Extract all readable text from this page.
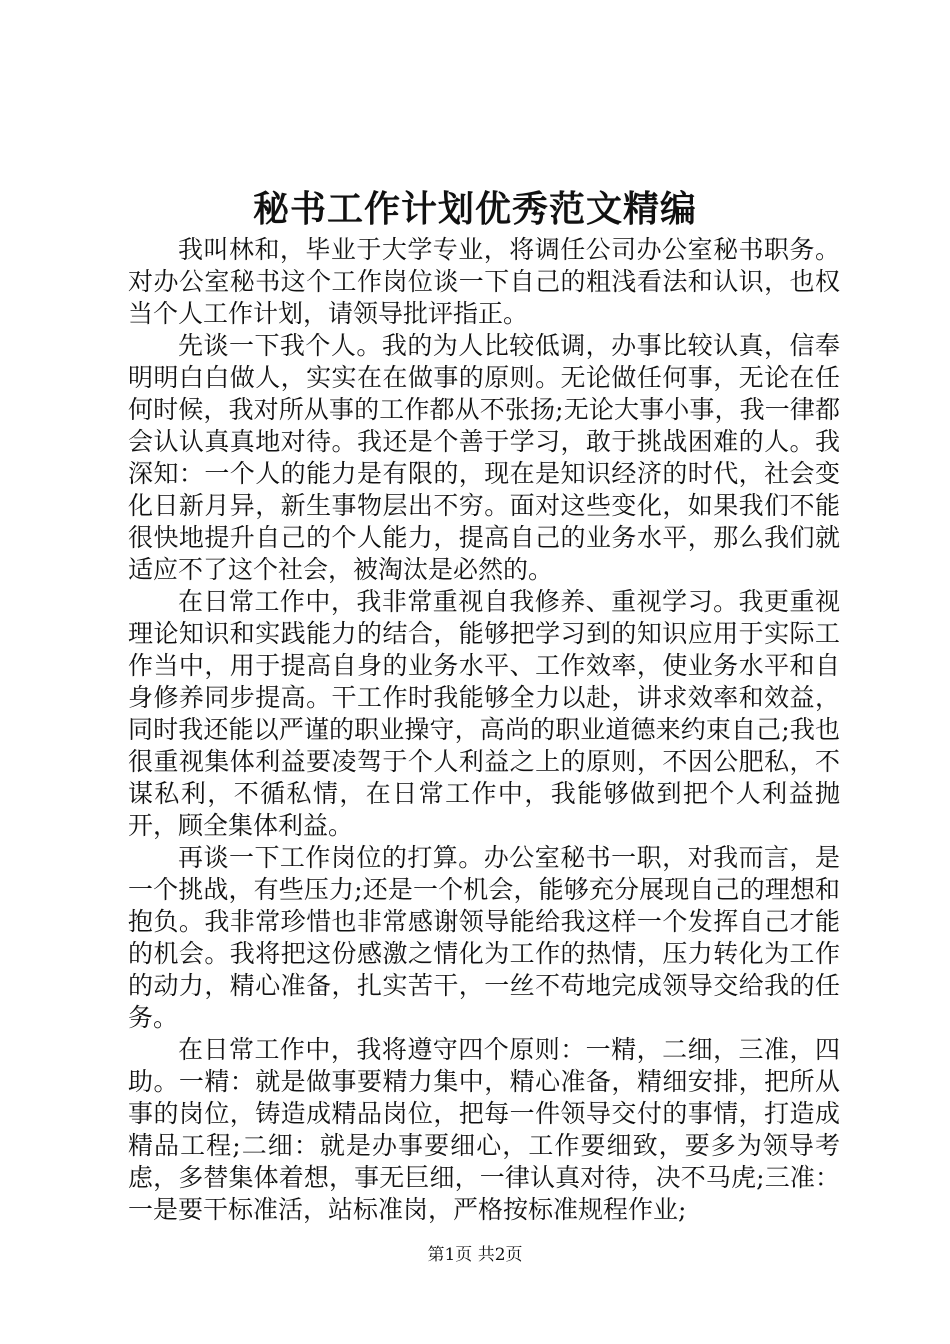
秘书工作计划优秀范文精编

我叫林和，毕业于大学专业，将调任公司办公室秘书职务。对办公室秘书这个工作岗位谈一下自己的粗浅看法和认识，也权当个人工作计划，请领导批评指正。

先谈一下我个人。我的为人比较低调，办事比较认真，信奉明明白白做人，实实在在做事的原则。无论做任何事，无论在任何时候，我对所从事的工作都从不张扬;无论大事小事，我一律都会认认真真地对待。我还是个善于学习，敢于挑战困难的人。我深知：一个人的能力是有限的，现在是知识经济的时代，社会变化日新月异，新生事物层出不穷。面对这些变化，如果我们不能很快地提升自己的个人能力，提高自己的业务水平，那么我们就适应不了这个社会，被淘汰是必然的。

在日常工作中，我非常重视自我修养、重视学习。我更重视理论知识和实践能力的结合，能够把学习到的知识应用于实际工作当中，用于提高自身的业务水平、工作效率，使业务水平和自身修养同步提高。干工作时我能够全力以赴，讲求效率和效益，同时我还能以严谨的职业操守，高尚的职业道德来约束自己;我也很重视集体利益要凌驾于个人利益之上的原则，不因公肥私，不谋私利，不循私情，在日常工作中，我能够做到把个人利益抛开，顾全集体利益。

再谈一下工作岗位的打算。办公室秘书一职，对我而言，是一个挑战，有些压力;还是一个机会，能够充分展现自己的理想和抱负。我非常珍惜也非常感谢领导能给我这样一个发挥自己才能的机会。我将把这份感激之情化为工作的热情，压力转化为工作的动力，精心准备，扎实苦干，一丝不苟地完成领导交给我的任务。

在日常工作中，我将遵守四个原则：一精，二细，三准，四助。一精：就是做事要精力集中，精心准备，精细安排，把所从事的岗位，铸造成精品岗位，把每一件领导交付的事情，打造成精品工程;二细：就是办事要细心，工作要细致，要多为领导考虑，多替集体着想，事无巨细，一律认真对待，决不马虎;三准：一是要干标准活，站标准岗，严格按标准规程作业;

第1页 共2页
